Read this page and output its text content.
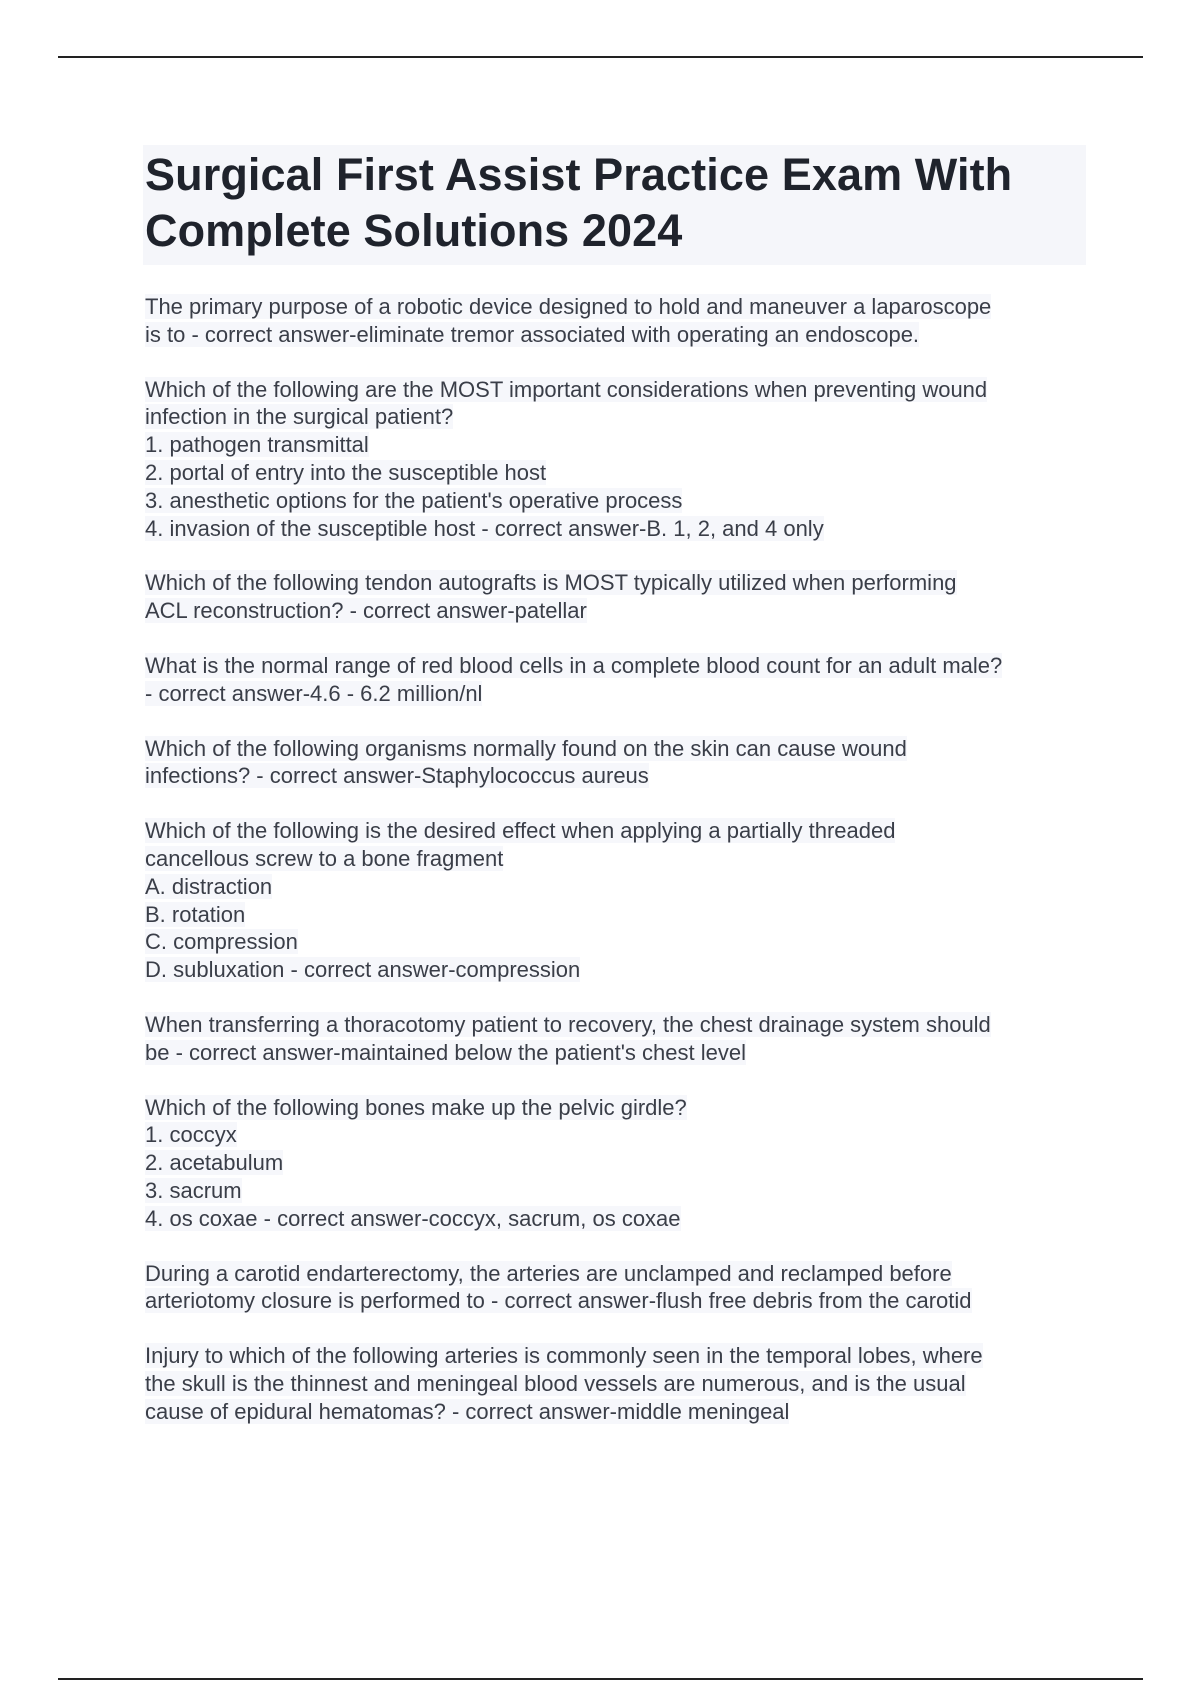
Surgical First Assist Practice Exam With
Complete Solutions 2024
The primary purpose of a robotic device designed to hold and maneuver a laparoscope
is to - correct answer-eliminate tremor associated with operating an endoscope.
Which of the following are the MOST important considerations when preventing wound
infection in the surgical patient?
1. pathogen transmittal
2. portal of entry into the susceptible host
3. anesthetic options for the patient's operative process
4. invasion of the susceptible host - correct answer-B. 1, 2, and 4 only
Which of the following tendon autografts is MOST typically utilized when performing
ACL reconstruction? - correct answer-patellar
What is the normal range of red blood cells in a complete blood count for an adult male?
- correct answer-4.6 - 6.2 million/nl
Which of the following organisms normally found on the skin can cause wound
infections? - correct answer-Staphylococcus aureus
Which of the following is the desired effect when applying a partially threaded
cancellous screw to a bone fragment
A. distraction
B. rotation
C. compression
D. subluxation - correct answer-compression
When transferring a thoracotomy patient to recovery, the chest drainage system should
be - correct answer-maintained below the patient's chest level
Which of the following bones make up the pelvic girdle?
1. coccyx
2. acetabulum
3. sacrum
4. os coxae - correct answer-coccyx, sacrum, os coxae
During a carotid endarterectomy, the arteries are unclamped and reclamped before
arteriotomy closure is performed to - correct answer-flush free debris from the carotid
Injury to which of the following arteries is commonly seen in the temporal lobes, where
the skull is the thinnest and meningeal blood vessels are numerous, and is the usual
cause of epidural hematomas? - correct answer-middle meningeal
